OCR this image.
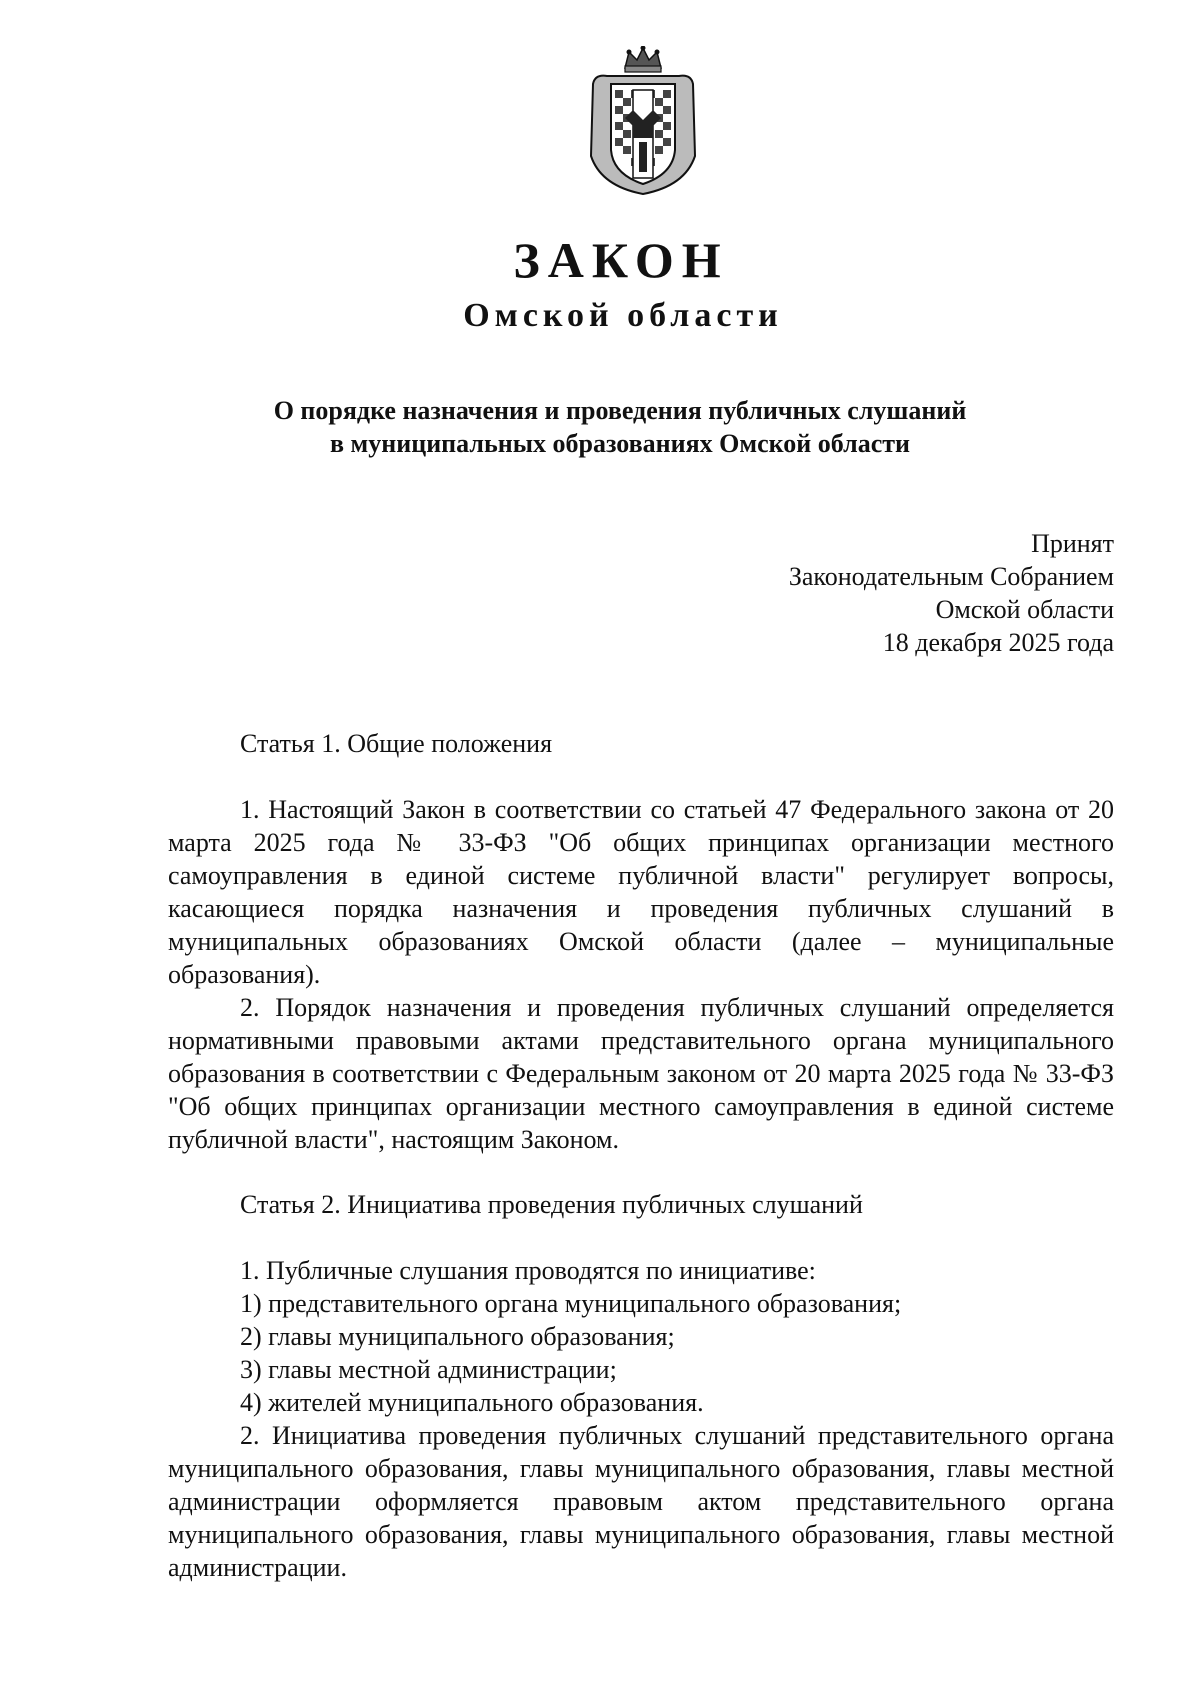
ЗАКОН
Омской области
О порядке назначения и проведения публичных слушаний
в муниципальных образованиях Омской области
Принят
Законодательным Собранием
Омской области
18 декабря 2025 года
Статья 1. Общие положения

1. Настоящий Закон в соответствии со статьей 47 Федерального закона от 20 марта 2025 года № 33-ФЗ "Об общих принципах организации местного самоуправления в единой системе публичной власти" регулирует вопросы, касающиеся порядка назначения и проведения публичных слушаний в муниципальных образованиях Омской области (далее – муниципальные образования).

2. Порядок назначения и проведения публичных слушаний определяется нормативными правовыми актами представительного органа муниципального образования в соответствии с Федеральным законом от 20 марта 2025 года № 33-ФЗ "Об общих принципах организации местного самоуправления в единой системе публичной власти", настоящим Законом.

Статья 2. Инициатива проведения публичных слушаний

1. Публичные слушания проводятся по инициативе:

1) представительного органа муниципального образования;

2) главы муниципального образования;

3) главы местной администрации;

4) жителей муниципального образования.

2. Инициатива проведения публичных слушаний представительного органа муниципального образования, главы муниципального образования, главы местной администрации оформляется правовым актом представительного органа муниципального образования, главы муниципального образования, главы местной администрации.
